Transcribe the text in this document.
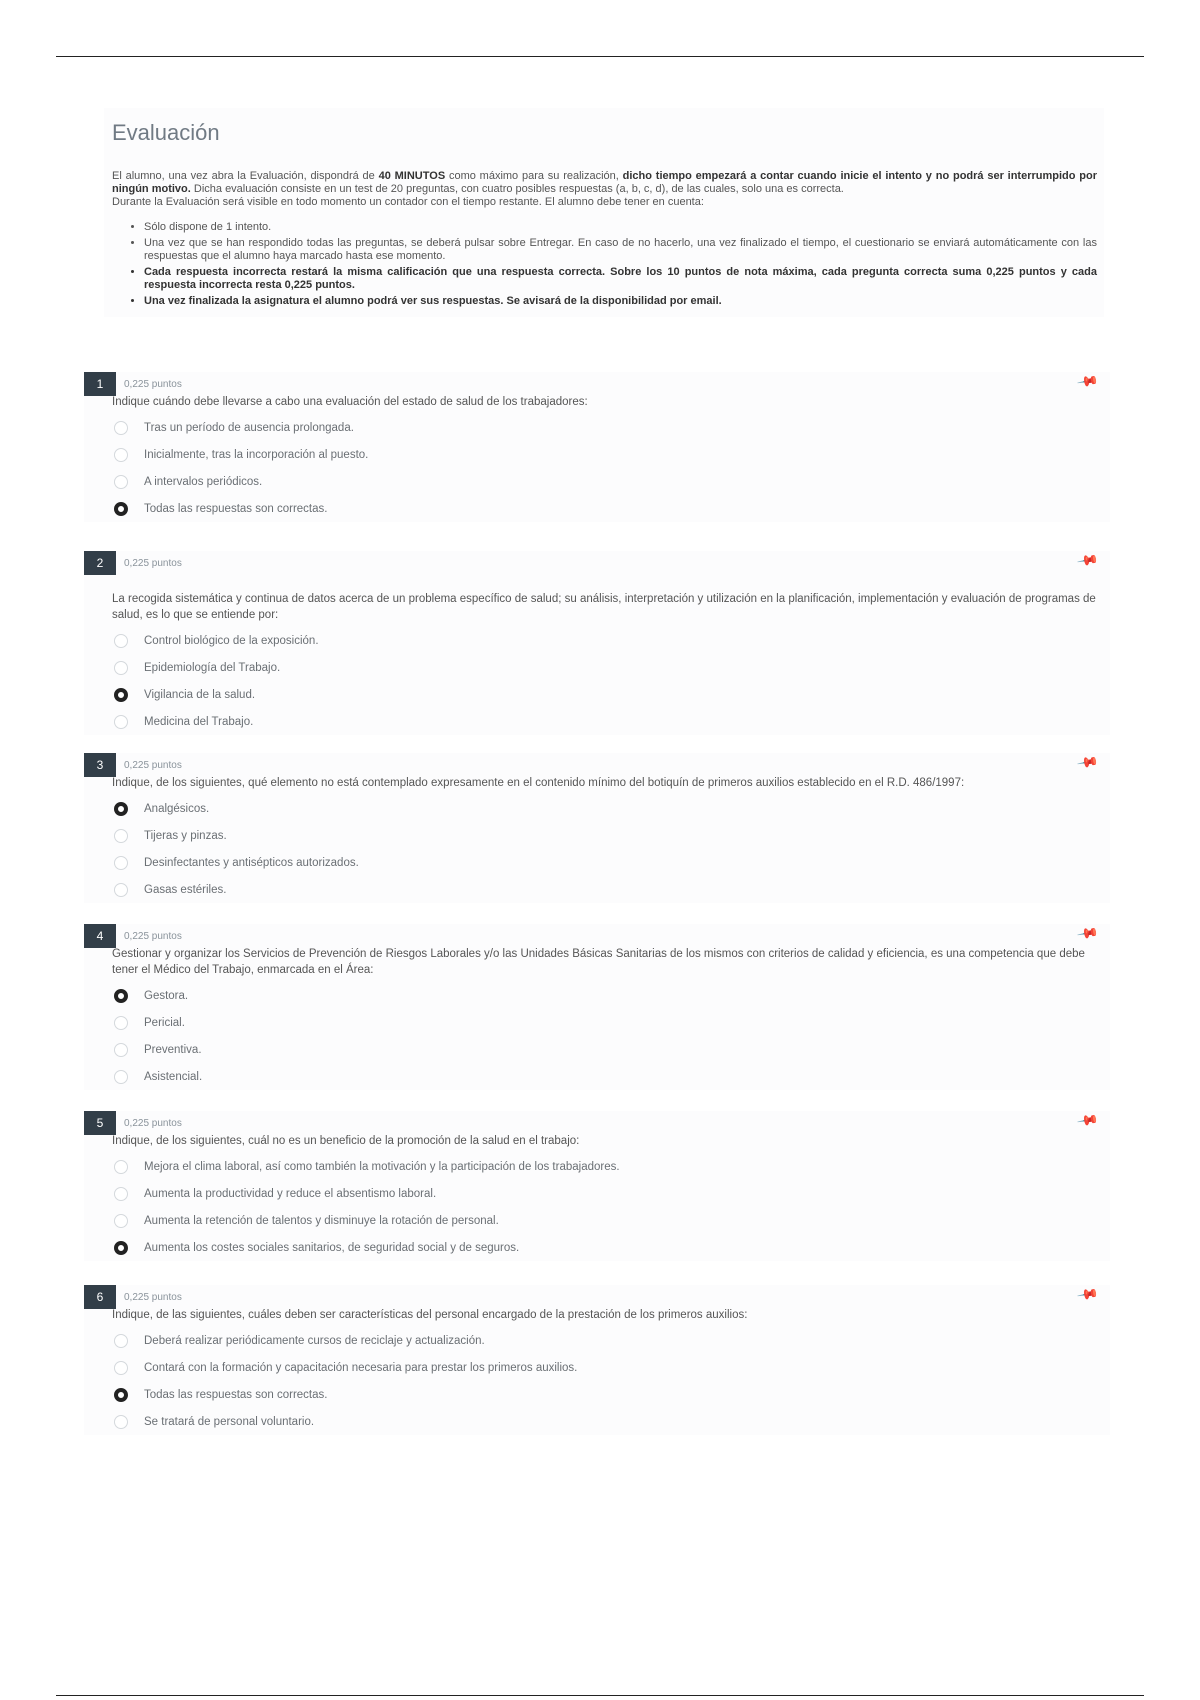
Evaluación

El alumno, una vez abra la Evaluación, dispondrá de 40 MINUTOS como máximo para su realización, dicho tiempo empezará a contar cuando inicie el intento y no podrá ser interrumpido por ningún motivo. Dicha evaluación consiste en un test de 20 preguntas, con cuatro posibles respuestas (a, b, c, d), de las cuales, solo una es correcta.

Durante la Evaluación será visible en todo momento un contador con el tiempo restante. El alumno debe tener en cuenta:

• Sólo dispone de 1 intento.
• Una vez que se han respondido todas las preguntas, se deberá pulsar sobre Entregar. En caso de no hacerlo, una vez finalizado el tiempo, el cuestionario se enviará automáticamente con las respuestas que el alumno haya marcado hasta ese momento.
• Cada respuesta incorrecta restará la misma calificación que una respuesta correcta. Sobre los 10 puntos de nota máxima, cada pregunta correcta suma 0,225 puntos y cada respuesta incorrecta resta 0,225 puntos.
• Una vez finalizada la asignatura el alumno podrá ver sus respuestas. Se avisará de la disponibilidad por email.
1	0,225 puntos	📌
Indique cuándo debe llevarse a cabo una evaluación del estado de salud de los trabajadores:
Tras un período de ausencia prolongada.
Inicialmente, tras la incorporación al puesto.
A intervalos periódicos.
Todas las respuestas son correctas.
2	0,225 puntos	📌
La recogida sistemática y continua de datos acerca de un problema específico de salud; su análisis, interpretación y utilización en la planificación, implementación y evaluación de programas de salud, es lo que se entiende por:
Control biológico de la exposición.
Epidemiología del Trabajo.
Vigilancia de la salud.
Medicina del Trabajo.
3	0,225 puntos	📌
Indique, de los siguientes, qué elemento no está contemplado expresamente en el contenido mínimo del botiquín de primeros auxilios establecido en el R.D. 486/1997:
Analgésicos.
Tijeras y pinzas.
Desinfectantes y antisépticos autorizados.
Gasas estériles.
4	0,225 puntos	📌
Gestionar y organizar los Servicios de Prevención de Riesgos Laborales y/o las Unidades Básicas Sanitarias de los mismos con criterios de calidad y eficiencia, es una competencia que debe tener el Médico del Trabajo, enmarcada en el Área:
Gestora.
Pericial.
Preventiva.
Asistencial.
5	0,225 puntos	📌
Indique, de los siguientes, cuál no es un beneficio de la promoción de la salud en el trabajo:
Mejora el clima laboral, así como también la motivación y la participación de los trabajadores.
Aumenta la productividad y reduce el absentismo laboral.
Aumenta la retención de talentos y disminuye la rotación de personal.
Aumenta los costes sociales sanitarios, de seguridad social y de seguros.
6	0,225 puntos	📌
Indique, de las siguientes, cuáles deben ser características del personal encargado de la prestación de los primeros auxilios:
Deberá realizar periódicamente cursos de reciclaje y actualización.
Contará con la formación y capacitación necesaria para prestar los primeros auxilios.
Todas las respuestas son correctas.
Se tratará de personal voluntario.
